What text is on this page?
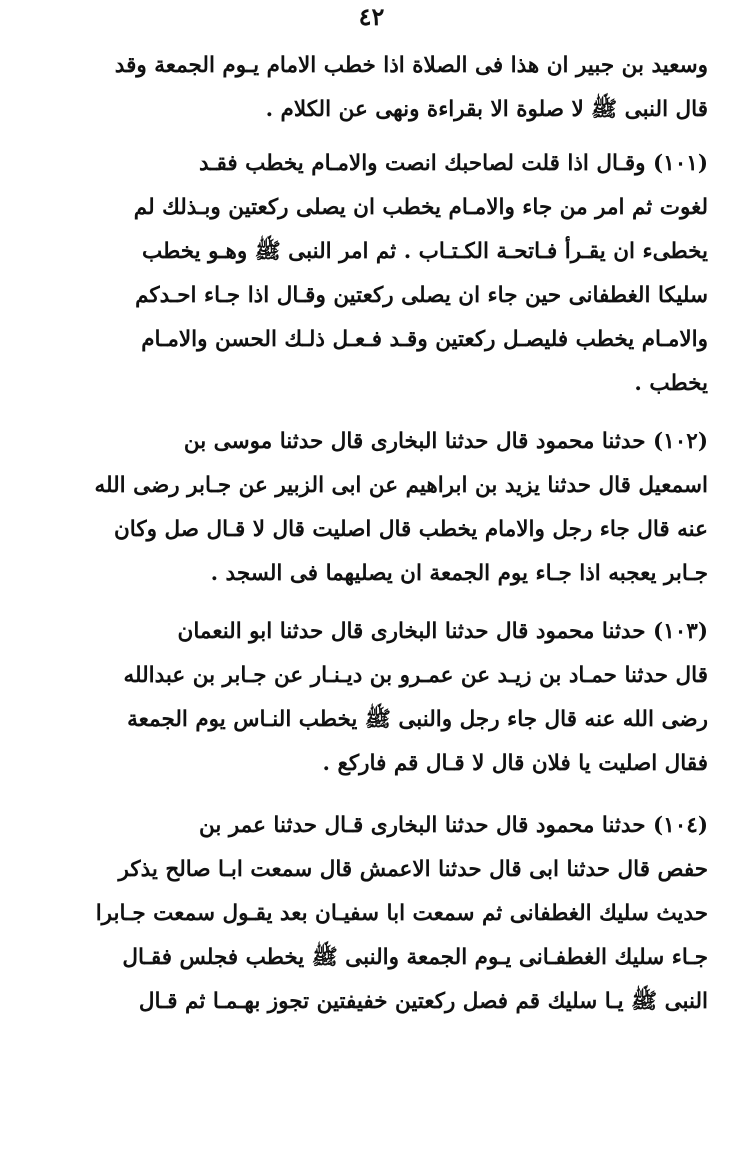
٤٢
وسعيد بن جبير ان هذا فى الصلاة اذا خطب الامام يـوم الجمعة وقد
قال النبى ﷺ لا صلوة الا بقراءة ونهى عن الكلام .
(١٠١) وقـال اذا قلت لصاحبك انصت والامـام يخطب فقـد
لغوت ثم امر من جاء والامـام يخطب ان يصلى ركعتين وبـذلك لم
يخطىء ان يقـرأ فـاتحـة الكـتـاب . ثم امر النبى ﷺ وهـو يخطب
سليكا الغطفانى حين جاء ان يصلى ركعتين وقـال اذا جـاء احـدكم
والامـام يخطب فليصـل ركعتين وقـد فـعـل ذلـك الحسن والامـام
يخطب .
(١٠٢) حدثنا محمود قال حدثنا البخارى قال حدثنا موسى بن
اسمعيل قال حدثنا يزيد بن ابراهيم عن ابى الزبير عن جـابر رضى الله
عنه قال جاء رجل والامام يخطب قال اصليت قال لا قـال صل وكان
جـابر يعجبه اذا جـاء يوم الجمعة ان يصليهما فى السجد .
(١٠٣) حدثنا محمود قال حدثنا البخارى قال حدثنا ابو النعمان
قال حدثنا حمـاد بن زيـد عن عمـرو بن ديـنـار عن جـابر بن عبدالله
رضى الله عنه قال جاء رجل والنبى ﷺ يخطب النـاس يوم الجمعة
فقال اصليت يا فلان قال لا قـال قم فاركع .
(١٠٤) حدثنا محمود قال حدثنا البخارى قـال حدثنا عمر بن
حفص قال حدثنا ابى قال حدثنا الاعمش قال سمعت ابـا صالح يذكر
حديث سليك الغطفانى ثم سمعت ابا سفيـان بعد يقـول سمعت جـابرا
جـاء سليك الغطفـانى يـوم الجمعة والنبى ﷺ يخطب فجلس فقـال
النبى ﷺ يـا سليك قم فصل ركعتين خفيفتين تجوز بهـمـا ثم قـال
